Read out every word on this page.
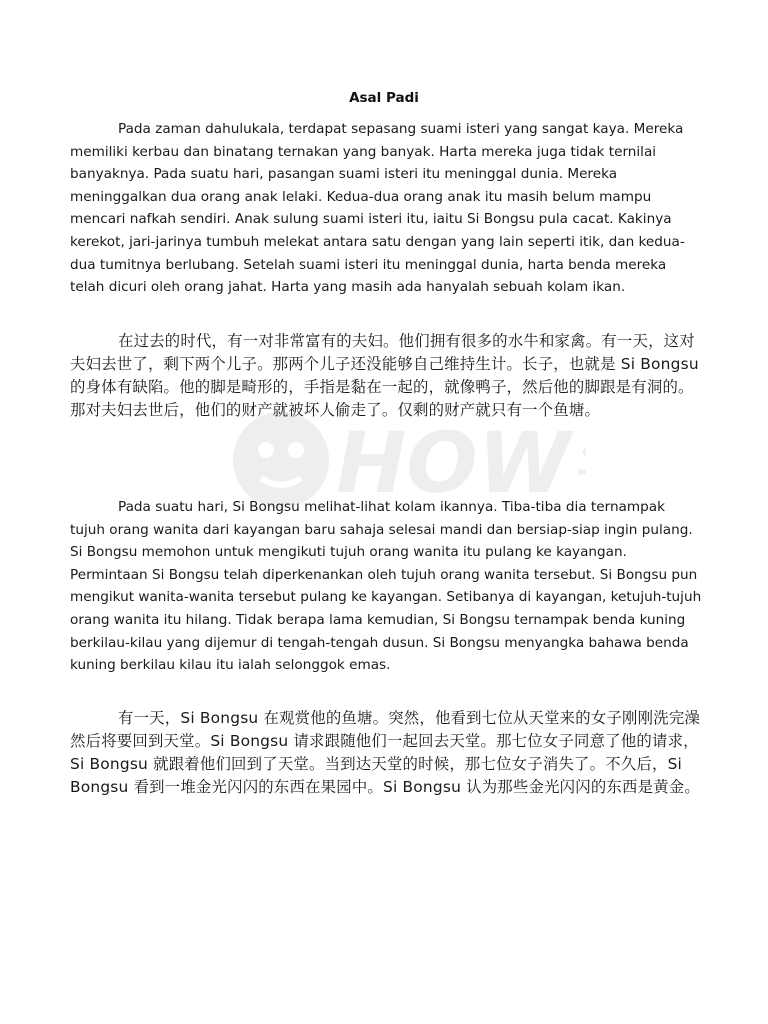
HOW
Asal Padi

Pada zaman dahulukala, terdapat sepasang suami isteri yang sangat kaya. Mereka memiliki kerbau dan binatang ternakan yang banyak. Harta mereka juga tidak ternilai banyaknya. Pada suatu hari, pasangan suami isteri itu meninggal dunia. Mereka meninggalkan dua orang anak lelaki. Kedua-dua orang anak itu masih belum mampu mencari nafkah sendiri. Anak sulung suami isteri itu, iaitu Si Bongsu pula cacat. Kakinya kerekot, jari-jarinya tumbuh melekat antara satu dengan yang lain seperti itik, dan kedua-dua tumitnya berlubang. Setelah suami isteri itu meninggal dunia, harta benda mereka telah dicuri oleh orang jahat. Harta yang masih ada hanyalah sebuah kolam ikan.

在过去的时代，有一对非常富有的夫妇。他们拥有很多的水牛和家禽。有一天，这对夫妇去世了，剩下两个儿子。那两个儿子还没能够自己维持生计。长子，也就是 Si Bongsu 的身体有缺陷。他的脚是畸形的，手指是黏在一起的，就像鸭子，然后他的脚跟是有洞的。那对夫妇去世后，他们的财产就被坏人偷走了。仅剩的财产就只有一个鱼塘。

Pada suatu hari, Si Bongsu melihat-lihat kolam ikannya. Tiba-tiba dia ternampak tujuh orang wanita dari kayangan baru sahaja selesai mandi dan bersiap-siap ingin pulang. Si Bongsu memohon untuk mengikuti tujuh orang wanita itu pulang ke kayangan. Permintaan Si Bongsu telah diperkenankan oleh tujuh orang wanita tersebut. Si Bongsu pun mengikut wanita-wanita tersebut pulang ke kayangan. Setibanya di kayangan, ketujuh-tujuh orang wanita itu hilang. Tidak berapa lama kemudian, Si Bongsu ternampak benda kuning berkilau-kilau yang dijemur di tengah-tengah dusun. Si Bongsu menyangka bahawa benda kuning berkilau kilau itu ialah selonggok emas.

有一天，Si Bongsu 在观赏他的鱼塘。突然，他看到七位从天堂来的女子刚刚洗完澡然后将要回到天堂。Si Bongsu 请求跟随他们一起回去天堂。那七位女子同意了他的请求，Si Bongsu 就跟着他们回到了天堂。当到达天堂的时候，那七位女子消失了。不久后，Si Bongsu 看到一堆金光闪闪的东西在果园中。Si Bongsu 认为那些金光闪闪的东西是黄金。
